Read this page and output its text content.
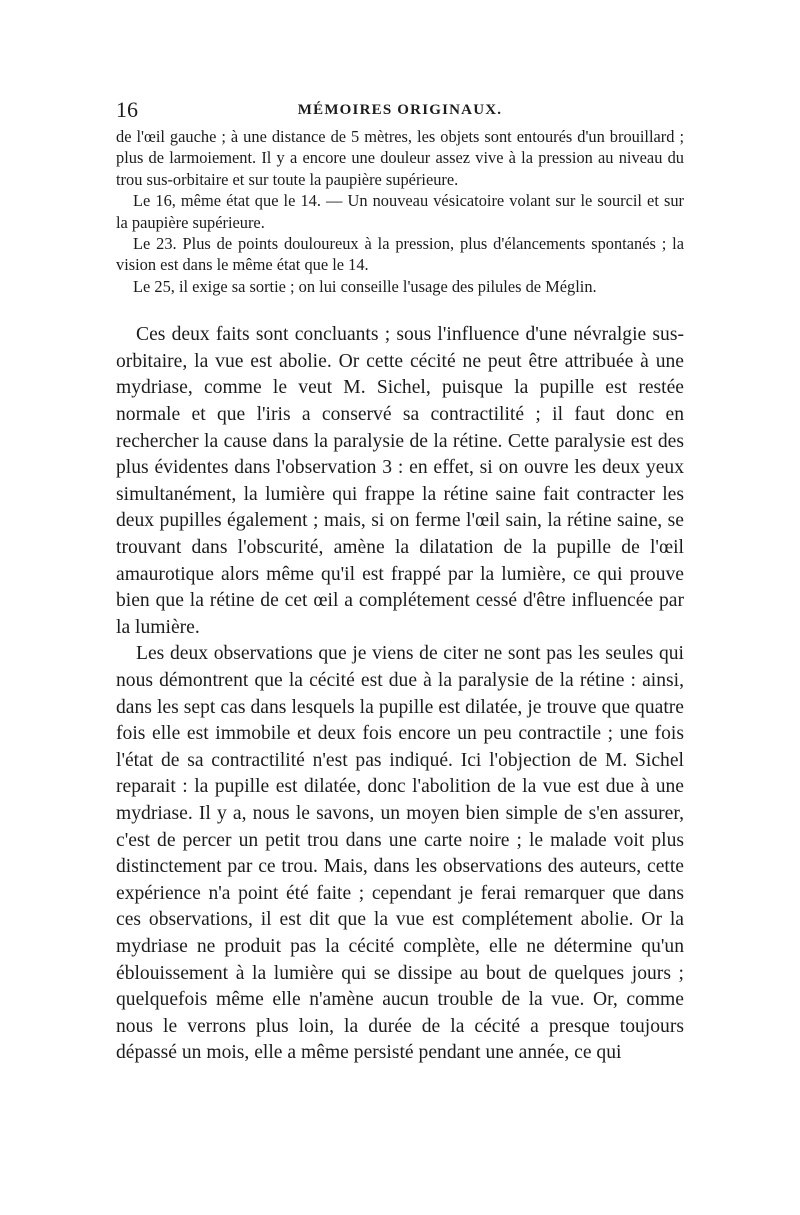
16	MÉMOIRES ORIGINAUX.

de l'œil gauche ; à une distance de 5 mètres, les objets sont entourés d'un brouillard ; plus de larmoiement. Il y a encore une douleur assez vive à la pression au niveau du trou sus-orbitaire et sur toute la paupière supérieure.

Le 16, même état que le 14. — Un nouveau vésicatoire volant sur le sourcil et sur la paupière supérieure.

Le 23. Plus de points douloureux à la pression, plus d'élancements spontanés ; la vision est dans le même état que le 14.

Le 25, il exige sa sortie ; on lui conseille l'usage des pilules de Méglin.

Ces deux faits sont concluants ; sous l'influence d'une névralgie sus-orbitaire, la vue est abolie. Or cette cécité ne peut être attribuée à une mydriase, comme le veut M. Sichel, puisque la pupille est restée normale et que l'iris a conservé sa contractilité ; il faut donc en rechercher la cause dans la paralysie de la rétine. Cette paralysie est des plus évidentes dans l'observation 3 : en effet, si on ouvre les deux yeux simultanément, la lumière qui frappe la rétine saine fait contracter les deux pupilles également ; mais, si on ferme l'œil sain, la rétine saine, se trouvant dans l'obscurité, amène la dilatation de la pupille de l'œil amaurotique alors même qu'il est frappé par la lumière, ce qui prouve bien que la rétine de cet œil a complétement cessé d'être influencée par la lumière.

Les deux observations que je viens de citer ne sont pas les seules qui nous démontrent que la cécité est due à la paralysie de la rétine : ainsi, dans les sept cas dans lesquels la pupille est dilatée, je trouve que quatre fois elle est immobile et deux fois encore un peu contractile ; une fois l'état de sa contractilité n'est pas indiqué. Ici l'objection de M. Sichel reparait : la pupille est dilatée, donc l'abolition de la vue est due à une mydriase. Il y a, nous le savons, un moyen bien simple de s'en assurer, c'est de percer un petit trou dans une carte noire ; le malade voit plus distinctement par ce trou. Mais, dans les observations des auteurs, cette expérience n'a point été faite ; cependant je ferai remarquer que dans ces observations, il est dit que la vue est complétement abolie. Or la mydriase ne produit pas la cécité complète, elle ne détermine qu'un éblouissement à la lumière qui se dissipe au bout de quelques jours ; quelquefois même elle n'amène aucun trouble de la vue. Or, comme nous le verrons plus loin, la durée de la cécité a presque toujours dépassé un mois, elle a même persisté pendant une année, ce qui
